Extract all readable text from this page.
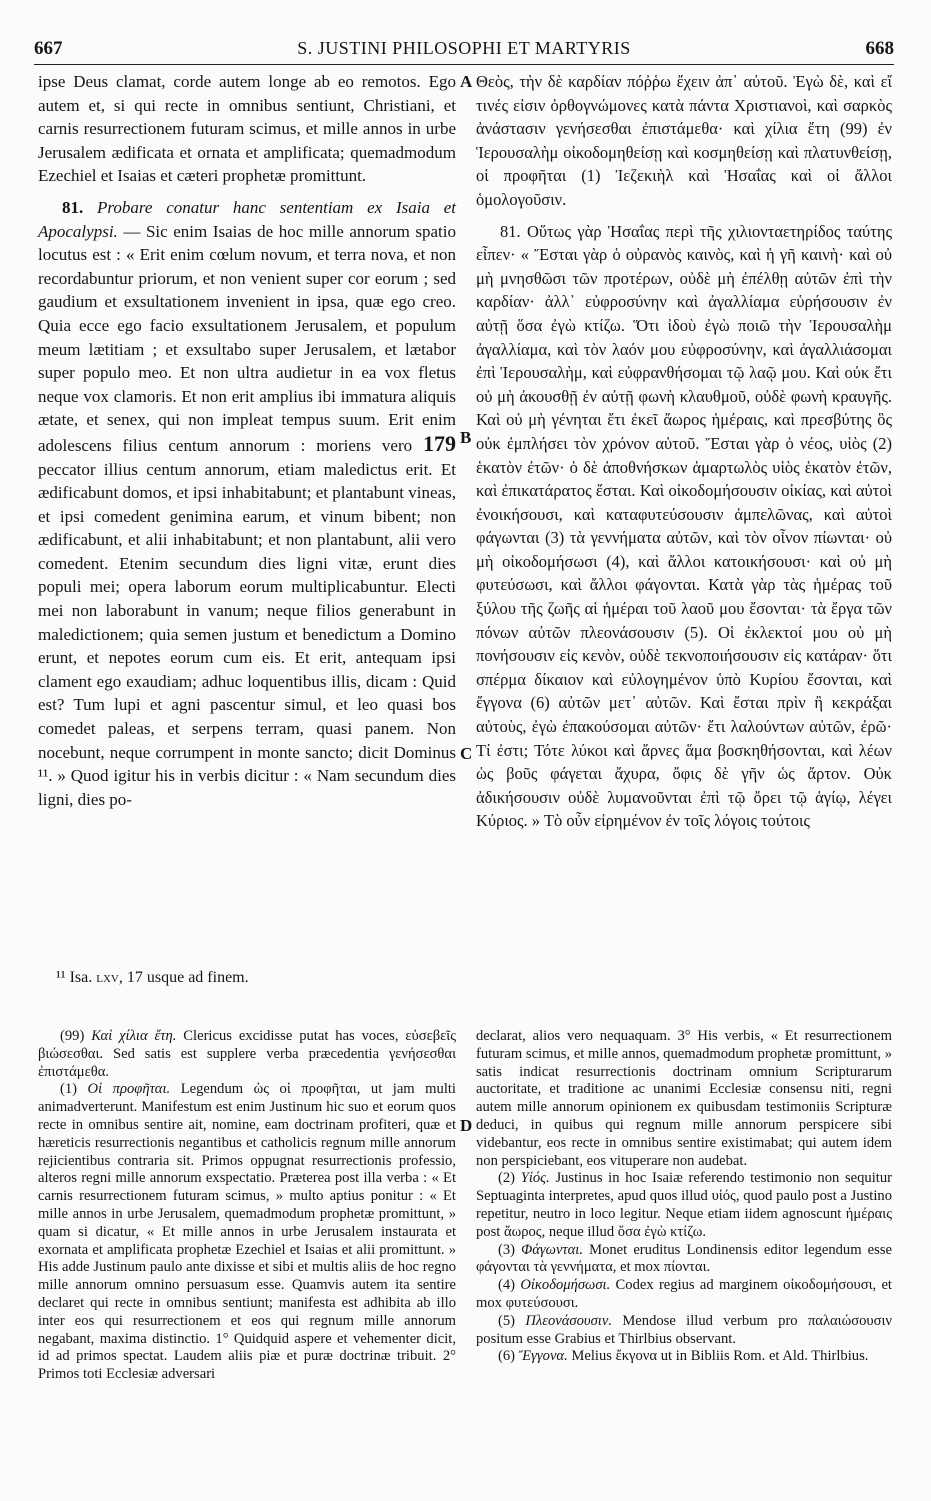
667	S. JUSTINI PHILOSOPHI ET MARTYRIS	668

ipse Deus clamat, corde autem longe ab eo remotos. Ego autem et, si qui recte in omnibus sentiunt, Christiani, et carnis resurrectionem futuram scimus, et mille annos in urbe Jerusalem ædificata et ornata et amplificata; quemadmodum Ezechiel et Isaias et cæteri prophetæ promittunt.

81. Probare conatur hanc sententiam ex Isaia et Apocalypsi. — Sic enim Isaias de hoc mille annorum spatio locutus est : « Erit enim cœlum novum, et terra nova, et non recordabuntur priorum, et non venient super cor eorum ; sed gaudium et exsultationem invenient in ipsa, quæ ego creo. Quia ecce ego facio exsultationem Jerusalem, et populum meum lætitiam ; et exsultabo super Jerusalem, et lætabor super populo meo. Et non ultra audietur in ea vox fletus neque vox clamoris. Et non erit amplius ibi immatura aliquis ætate, et senex, qui non impleat tempus suum. Erit enim adolescens filius centum annorum : moriens vero 179 peccator illius centum annorum, etiam maledictus erit. Et ædificabunt domos, et ipsi inhabitabunt; et plantabunt vineas, et ipsi comedent genimina earum, et vinum bibent; non ædificabunt, et alii inhabitabunt; et non plantabunt, alii vero comedent. Etenim secundum dies ligni vitæ, erunt dies populi mei; opera laborum eorum multiplicabuntur. Electi mei non laborabunt in vanum; neque filios generabunt in maledictionem; quia semen justum et benedictum a Domino erunt, et nepotes eorum cum eis. Et erit, antequam ipsi clament ego exaudiam; adhuc loquentibus illis, dicam : Quid est? Tum lupi et agni pascentur simul, et leo quasi bos comedet paleas, et serpens terram, quasi panem. Non nocebunt, neque corrumpent in monte sancto; dicit Dominus ¹¹. » Quod igitur his in verbis dicitur : « Nam secundum dies ligni, dies po-

Θεὸς, τὴν δὲ καρδίαν πόῤῥω ἔχειν ἀπ᾽ αὐτοῦ. Ἐγὼ δὲ, καὶ εἴ τινές εἰσιν ὀρθογνώμονες κατὰ πάντα Χριστιανοὶ, καὶ σαρκὸς ἀνάστασιν γενήσεσθαι ἐπιστάμεθα· καὶ χίλια ἔτη (99) ἐν Ἱερουσαλὴμ οἰκοδομηθείσῃ καὶ κοσμηθείσῃ καὶ πλατυνθείσῃ, οἱ προφῆται (1) Ἰεζεκιὴλ καὶ Ἡσαΐας καὶ οἱ ἄλλοι ὁμολογοῦσιν.

81. Οὕτως γὰρ Ἡσαΐας περὶ τῆς χιλιονταετηρίδος ταύτης εἶπεν· « Ἔσται γὰρ ὁ οὐρανὸς καινὸς, καὶ ἡ γῆ καινὴ· καὶ οὐ μὴ μνησθῶσι τῶν προτέρων, οὐδὲ μὴ ἐπέλθῃ αὐτῶν ἐπὶ τὴν καρδίαν· ἀλλ᾽ εὐφροσύνην καὶ ἀγαλλίαμα εὑρήσουσιν ἐν αὐτῇ ὅσα ἐγὼ κτίζω. Ὅτι ἰδοὺ ἐγὼ ποιῶ τὴν Ἱερουσαλὴμ ἀγαλλίαμα, καὶ τὸν λαόν μου εὐφροσύνην, καὶ ἀγαλλιάσομαι ἐπὶ Ἱερουσαλὴμ, καὶ εὐφρανθήσομαι τῷ λαῷ μου. Καὶ οὐκ ἔτι οὐ μὴ ἀκουσθῇ ἐν αὐτῇ φωνὴ κλαυθμοῦ, οὐδὲ φωνὴ κραυγῆς. Καὶ οὐ μὴ γένηται ἔτι ἐκεῖ ἄωρος ἡμέραις, καὶ πρεσβύτης ὃς οὐκ ἐμπλήσει τὸν χρόνον αὐτοῦ. Ἔσται γὰρ ὁ νέος, υἱὸς (2) ἑκατὸν ἐτῶν· ὁ δὲ ἀποθνήσκων ἁμαρτωλὸς υἱὸς ἑκατὸν ἐτῶν, καὶ ἐπικατάρατος ἔσται. Καὶ οἰκοδομήσουσιν οἰκίας, καὶ αὐτοὶ ἐνοικήσουσι, καὶ καταφυτεύσουσιν ἀμπελῶνας, καὶ αὐτοὶ φάγωνται (3) τὰ γεννήματα αὐτῶν, καὶ τὸν οἶνον πίωνται· οὐ μὴ οἰκοδομήσωσι (4), καὶ ἄλλοι κατοικήσουσι· καὶ οὐ μὴ φυτεύσωσι, καὶ ἄλλοι φάγονται. Κατὰ γὰρ τὰς ἡμέρας τοῦ ξύλου τῆς ζωῆς αἱ ἡμέραι τοῦ λαοῦ μου ἔσονται· τὰ ἔργα τῶν πόνων αὐτῶν πλεονάσουσιν (5). Οἱ ἐκλεκτοί μου οὐ μὴ πονήσουσιν εἰς κενὸν, οὐδὲ τεκνοποιήσουσιν εἰς κατάραν· ὅτι σπέρμα δίκαιον καὶ εὐλογημένον ὑπὸ Κυρίου ἔσονται, καὶ ἔγγονα (6) αὐτῶν μετ᾽ αὐτῶν. Καὶ ἔσται πρὶν ἢ κεκράξαι αὐτοὺς, ἐγὼ ἐπακούσομαι αὐτῶν· ἔτι λαλούντων αὐτῶν, ἐρῶ· Τί ἐστι; Τότε λύκοι καὶ ἄρνες ἅμα βοσκηθήσονται, καὶ λέων ὡς βοῦς φάγεται ἄχυρα, ὄφις δὲ γῆν ὡς ἄρτον. Οὐκ ἀδικήσουσιν οὐδὲ λυμανοῦνται ἐπὶ τῷ ὄρει τῷ ἁγίῳ, λέγει Κύριος. » Τὸ οὖν εἰρημένον ἐν τοῖς λόγοις τούτοις

A
B
C
D
¹¹ Isa. lxv, 17 usque ad finem.

(99) Καὶ χίλια ἔτη. Clericus excidisse putat has voces, εὐσεβεῖς βιώσεσθαι. Sed satis est supplere verba præcedentia γενήσεσθαι ἐπιστάμεθα.

(1) Οἱ προφῆται. Legendum ὡς οἱ προφῆται, ut jam multi animadverterunt. Manifestum est enim Justinum hic suo et eorum quos recte in omnibus sentire ait, nomine, eam doctrinam profiteri, quæ et hæreticis resurrectionis negantibus et catholicis regnum mille annorum rejicientibus contraria sit. Primos oppugnat resurrectionis professio, alteros regni mille annorum exspectatio. Præterea post illa verba : « Et carnis resurrectionem futuram scimus, » multo aptius ponitur : « Et mille annos in urbe Jerusalem, quemadmodum prophetæ promittunt, » quam si dicatur, « Et mille annos in urbe Jerusalem instaurata et exornata et amplificata prophetæ Ezechiel et Isaias et alii promittunt. » His adde Justinum paulo ante dixisse et sibi et multis aliis de hoc regno mille annorum omnino persuasum esse. Quamvis autem ita sentire declaret qui recte in omnibus sentiunt; manifesta est adhibita ab illo inter eos qui resurrectionem et eos qui regnum mille annorum negabant, maxima distinctio. 1° Quidquid aspere et vehementer dicit, id ad primos spectat. Laudem aliis piæ et puræ doctrinæ tribuit. 2° Primos toti Ecclesiæ adversari

declarat, alios vero nequaquam. 3° His verbis, « Et resurrectionem futuram scimus, et mille annos, quemadmodum prophetæ promittunt, » satis indicat resurrectionis doctrinam omnium Scripturarum auctoritate, et traditione ac unanimi Ecclesiæ consensu niti, regni autem mille annorum opinionem ex quibusdam testimoniis Scripturæ deduci, in quibus qui regnum mille annorum perspicere sibi videbantur, eos recte in omnibus sentire existimabat; qui autem idem non perspiciebant, eos vituperare non audebat.

(2) Υἱός. Justinus in hoc Isaiæ referendo testimonio non sequitur Septuaginta interpretes, apud quos illud υἱός, quod paulo post a Justino repetitur, neutro in loco legitur. Neque etiam iidem agnoscunt ἡμέραις post ἄωρος, neque illud ὅσα ἐγὼ κτίζω.

(3) Φάγωνται. Monet eruditus Londinensis editor legendum esse φάγονται τὰ γεννήματα, et mox πίονται.

(4) Οἰκοδομήσωσι. Codex regius ad marginem οἰκοδομήσουσι, et mox φυτεύσουσι.

(5) Πλεονάσουσιν. Mendose illud verbum pro παλαιώσουσιν positum esse Grabius et Thirlbius observant.

(6) Ἔγγονα. Melius ἔκγονα ut in Bibliis Rom. et Ald. Thirlbius.
